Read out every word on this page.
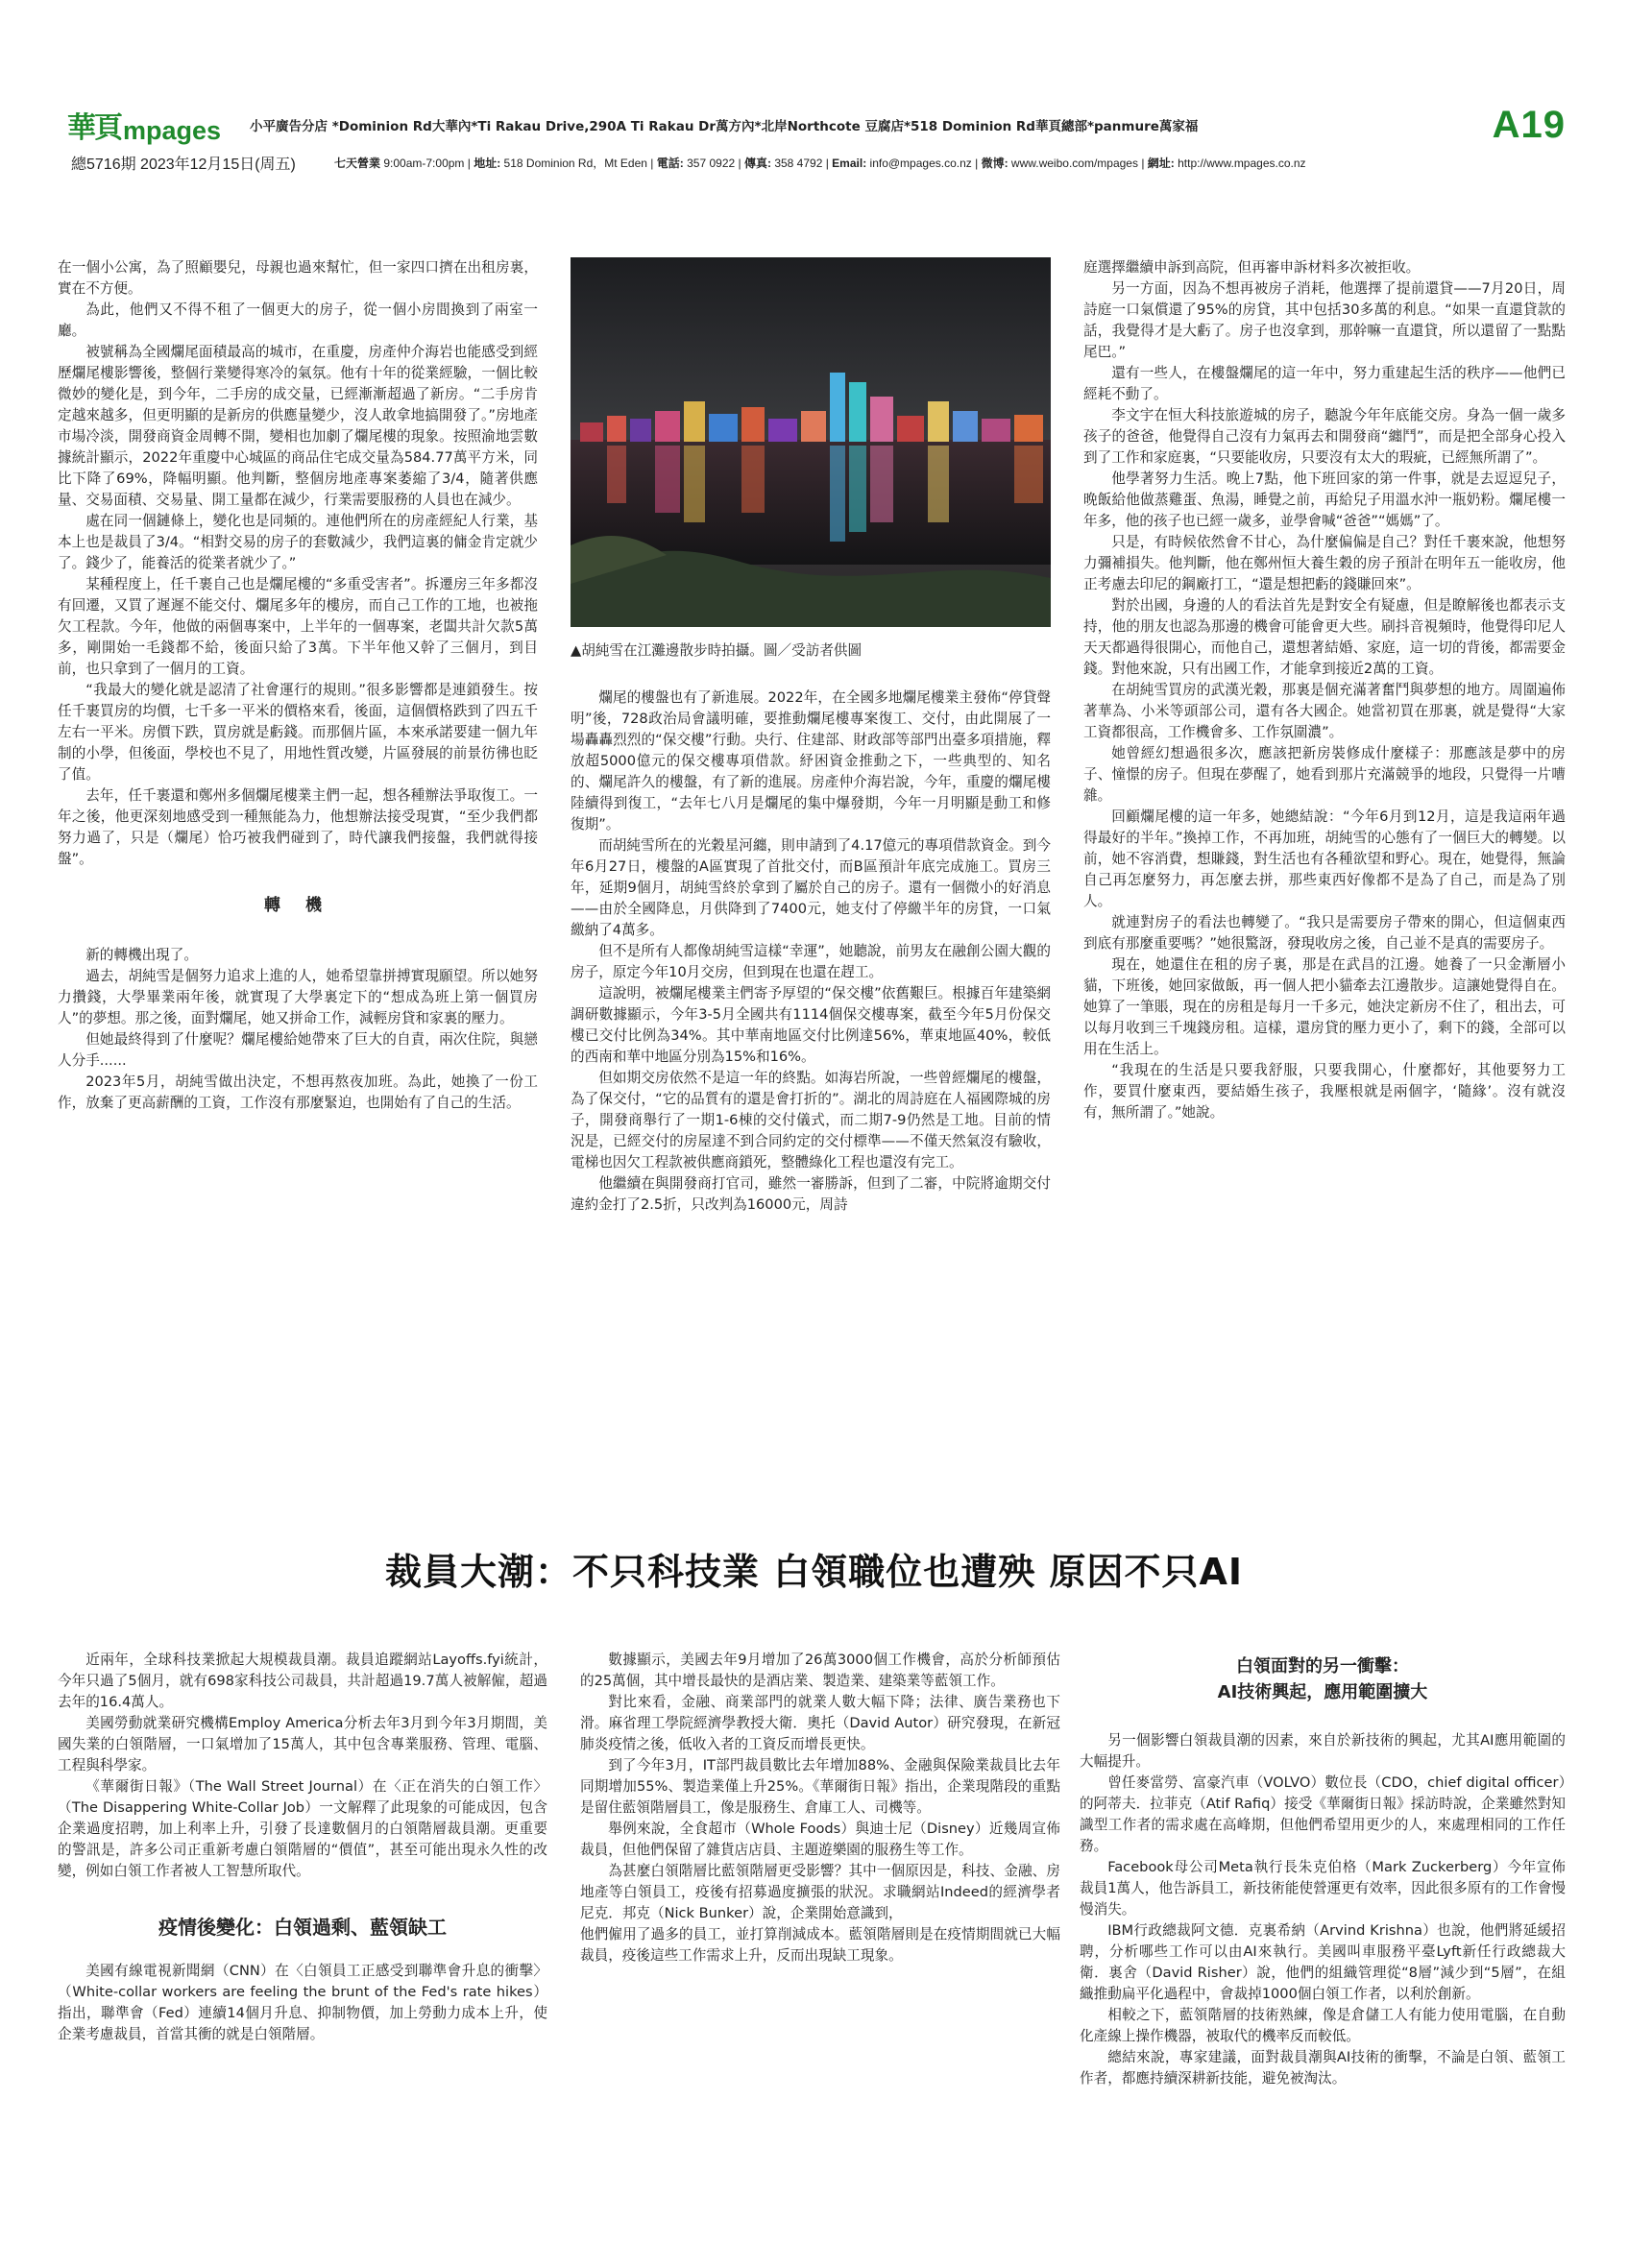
華頁 mpages 小平廣告分店 *Dominion Rd大華內*Ti Rakau Drive,290A Ti Rakau Dr萬方內*北岸Northcote 豆腐店*518 Dominion Rd華頁總部*panmure萬家福	A19
總5716期 2023年12月15日(周五)	七天營業 9:00am-7:00pm | 地址: 518 Dominion Rd，Mt Eden | 電話: 357 0922 | 傳真: 358 4792 | Email: info@mpages.co.nz | 微博: www.weibo.com/mpages | 網址: http://www.mpages.co.nz

在一個小公寓，為了照顧嬰兒，母親也過來幫忙，但一家四口擠在出租房裏，實在不方便。

為此，他們又不得不租了一個更大的房子，從一個小房間換到了兩室一廳。

被號稱為全國爛尾面積最高的城市，在重慶，房產仲介海岩也能感受到經歷爛尾樓影響後，整個行業變得寒冷的氣氛。他有十年的從業經驗，一個比較微妙的變化是，到今年，二手房的成交量，已經漸漸超過了新房。“二手房肯定越來越多，但更明顯的是新房的供應量變少，沒人敢拿地搞開發了。”房地產市場冷淡，開發商資金周轉不開，變相也加劇了爛尾樓的現象。按照渝地雲數據統計顯示，2022年重慶中心城區的商品住宅成交量為584.77萬平方米，同比下降了69%，降幅明顯。他判斷，整個房地產專案萎縮了3/4，隨著供應量、交易面積、交易量、開工量都在減少，行業需要服務的人員也在減少。

處在同一個鏈條上，變化也是同頻的。連他們所在的房產經紀人行業，基本上也是裁員了3/4。“相對交易的房子的套數減少，我們這裏的傭金肯定就少了。錢少了，能養活的從業者就少了。”

某種程度上，任千裹自己也是爛尾樓的“多重受害者”。拆遷房三年多都沒有回遷，又買了遲遲不能交付、爛尾多年的樓房，而自己工作的工地，也被拖欠工程款。今年，他做的兩個專案中，上半年的一個專案，老闆共計欠款5萬多，剛開始一毛錢都不給，後面只給了3萬。下半年他又幹了三個月，到目前，也只拿到了一個月的工資。

“我最大的變化就是認清了社會運行的規則。”很多影響都是連鎖發生。按任千裹買房的均價，七千多一平米的價格來看，後面，這個價格跌到了四五千左右一平米。房價下跌，買房就是虧錢。而那個片區，本來承諾要建一個九年制的小學，但後面，學校也不見了，用地性質改變，片區發展的前景彷彿也眨了值。

去年，任千裹還和鄭州多個爛尾樓業主們一起，想各種辦法爭取復工。一年之後，他更深刻地感受到一種無能為力，他想辦法接受現實，“至少我們都努力過了，只是（爛尾）恰巧被我們碰到了，時代讓我們接盤，我們就得接盤”。

轉 機

新的轉機出現了。

過去，胡純雪是個努力追求上進的人，她希望靠拼搏實現願望。所以她努力攢錢，大學畢業兩年後，就實現了大學裏定下的“想成為班上第一個買房人”的夢想。那之後，面對爛尾，她又拼命工作，減輕房貸和家裏的壓力。

但她最終得到了什麼呢？爛尾樓給她帶來了巨大的自責，兩次住院，與戀人分手......

2023年5月，胡純雪做出決定，不想再熬夜加班。為此，她換了一份工作，放棄了更高薪酬的工資，工作沒有那麼緊迫，也開始有了自己的生活。

▲胡純雪在江灘邊散步時拍攝。圖／受訪者供圖

爛尾的樓盤也有了新進展。2022年，在全國多地爛尾樓業主發佈“停貸聲明”後，728政治局會議明確，要推動爛尾樓專案復工、交付，由此開展了一場轟轟烈烈的“保交樓”行動。央行、住建部、財政部等部門出臺多項措施，釋放超5000億元的保交樓專項借款。紓困資金推動之下，一些典型的、知名的、爛尾許久的樓盤，有了新的進展。房產仲介海岩說，今年，重慶的爛尾樓陸續得到復工，“去年七八月是爛尾的集中爆發期，今年一月明顯是動工和修復期”。

而胡純雪所在的光穀星河纏，則申請到了4.17億元的專項借款資金。到今年6月27日，樓盤的A區實現了首批交付，而B區預計年底完成施工。買房三年，延期9個月，胡純雪終於拿到了屬於自己的房子。還有一個微小的好消息——由於全國降息，月供降到了7400元，她支付了停繳半年的房貸，一口氣繳納了4萬多。

但不是所有人都像胡純雪這樣“幸運”，她聽說，前男友在融創公園大觀的房子，原定今年10月交房，但到現在也還在趕工。

這說明，被爛尾樓業主們寄予厚望的“保交樓”依舊艱巨。根據百年建築網調研數據顯示，今年3-5月全國共有1114個保交樓專案，截至今年5月份保交樓已交付比例為34%。其中華南地區交付比例達56%，華東地區40%，較低的西南和華中地區分別為15%和16%。

但如期交房依然不是這一年的終點。如海岩所說，一些曾經爛尾的樓盤，為了保交付，“它的品質有的還是會打折的”。湖北的周詩庭在人福國際城的房子，開發商舉行了一期1-6棟的交付儀式，而二期7-9仍然是工地。目前的情況是，已經交付的房屋達不到合同約定的交付標準——不僅天然氣沒有驗收，電梯也因欠工程款被供應商鎖死，整體綠化工程也還沒有完工。

他繼續在與開發商打官司，雖然一審勝訴，但到了二審，中院將逾期交付違約金打了2.5折，只改判為16000元，周詩

庭選擇繼續申訴到高院，但再審申訴材料多次被拒收。

另一方面，因為不想再被房子消耗，他選擇了提前還貸——7月20日，周詩庭一口氣償還了95%的房貸，其中包括30多萬的利息。“如果一直還貸款的話，我覺得才是大虧了。房子也沒拿到，那幹嘛一直還貸，所以還留了一點點尾巴。”

還有一些人，在樓盤爛尾的這一年中，努力重建起生活的秩序——他們已經耗不動了。

李文宇在恒大科技旅遊城的房子，聽說今年年底能交房。身為一個一歲多孩子的爸爸，他覺得自己沒有力氣再去和開發商“纏鬥”，而是把全部身心投入到了工作和家庭裏，“只要能收房，只要沒有太大的瑕疵，已經無所謂了”。

他學著努力生活。晚上7點，他下班回家的第一件事，就是去逗逗兒子，晚飯給他做蒸雞蛋、魚湯，睡覺之前，再給兒子用溫水沖一瓶奶粉。爛尾樓一年多，他的孩子也已經一歲多，並學會喊“爸爸”“媽媽”了。

只是，有時候依然會不甘心，為什麼偏偏是自己？對任千裹來說，他想努力彌補損失。他判斷，他在鄭州恒大養生穀的房子預計在明年五一能收房，他正考慮去印尼的鋼廠打工，“還是想把虧的錢賺回來”。

對於出國，身邊的人的看法首先是對安全有疑慮，但是瞭解後也都表示支持，他的朋友也認為那邊的機會可能會更大些。刷抖音視頻時，他覺得印尼人天天都過得很開心，而他自己，還想著結婚、家庭，這一切的背後，都需要金錢。對他來說，只有出國工作，才能拿到接近2萬的工資。

在胡純雪買房的武漢光穀，那裏是個充滿著奮鬥與夢想的地方。周圍遍佈著華為、小米等頭部公司，還有各大國企。她當初買在那裏，就是覺得“大家工資都很高，工作機會多、工作氛圍濃”。

她曾經幻想過很多次，應該把新房裝修成什麼樣子：那應該是夢中的房子、憧憬的房子。但現在夢醒了，她看到那片充滿競爭的地段，只覺得一片嘈雜。

回顧爛尾樓的這一年多，她總結說：“今年6月到12月，這是我這兩年過得最好的半年。”換掉工作，不再加班，胡純雪的心態有了一個巨大的轉變。以前，她不容消費，想賺錢，對生活也有各種欲望和野心。現在，她覺得，無論自己再怎麼努力，再怎麼去拼，那些東西好像都不是為了自己，而是為了別人。

就連對房子的看法也轉變了。“我只是需要房子帶來的開心，但這個東西到底有那麼重要嗎？”她很驚訝，發現收房之後，自己並不是真的需要房子。

現在，她還住在租的房子裏，那是在武昌的江邊。她養了一只金漸層小貓，下班後，她回家做飯，再一個人把小貓牽去江邊散步。這讓她覺得自在。她算了一筆賬，現在的房租是每月一千多元，她決定新房不住了，租出去，可以每月收到三千塊錢房租。這樣，還房貸的壓力更小了，剩下的錢，全部可以用在生活上。

“我現在的生活是只要我舒服，只要我開心，什麼都好，其他要努力工作，要買什麼東西，要結婚生孩子，我壓根就是兩個字，‘隨緣’。沒有就沒有，無所謂了。”她說。

裁員大潮：不只科技業 白領職位也遭殃 原因不只AI

近兩年，全球科技業掀起大規模裁員潮。裁員追蹤網站Layoffs.fyi統計，今年只過了5個月，就有698家科技公司裁員，共計超過19.7萬人被解僱，超過去年的16.4萬人。

美國勞動就業研究機構Employ America分析去年3月到今年3月期間，美國失業的白領階層，一口氣增加了15萬人，其中包含專業服務、管理、電腦、工程與科學家。

《華爾街日報》（The Wall Street Journal）在〈正在消失的白領工作〉（The Disappering White-Collar Job）一文解釋了此現象的可能成因，包含企業過度招聘，加上利率上升，引發了長達數個月的白領階層裁員潮。更重要的警訊是，許多公司正重新考慮白領階層的“價值”，甚至可能出現永久性的改變，例如白領工作者被人工智慧所取代。

疫情後變化：白領過剩、藍領缺工

美國有線電視新聞網（CNN）在〈白領員工正感受到聯準會升息的衝擊〉（White-collar workers are feeling the brunt of the Fed's rate hikes）指出，聯準會（Fed）連續14個月升息、抑制物價，加上勞動力成本上升，使企業考慮裁員，首當其衝的就是白領階層。

數據顯示，美國去年9月增加了26萬3000個工作機會，高於分析師預估的25萬個，其中增長最快的是酒店業、製造業、建築業等藍領工作。

對比來看，金融、商業部門的就業人數大幅下降；法律、廣告業務也下滑。麻省理工學院經濟學教授大衛．奧托（David Autor）研究發現，在新冠肺炎疫情之後，低收入者的工資反而增長更快。

到了今年3月，IT部門裁員數比去年增加88%、金融與保險業裁員比去年同期增加55%、製造業僅上升25%。《華爾街日報》指出，企業現階段的重點是留住藍領階層員工，像是服務生、倉庫工人、司機等。

舉例來說，全食超市（Whole Foods）與迪士尼（Disney）近幾周宣佈裁員，但他們保留了雜貨店店員、主題遊樂園的服務生等工作。

為甚麼白領階層比藍領階層更受影響？其中一個原因是，科技、金融、房地產等白領員工，疫後有招募過度擴張的狀況。求職網站Indeed的經濟學者尼克．邦克（Nick Bunker）說，企業開始意識到，

他們僱用了過多的員工，並打算削減成本。藍領階層則是在疫情期間就已大幅裁員，疫後這些工作需求上升，反而出現缺工現象。

白領面對的另一衝擊：
AI技術興起，應用範圍擴大

另一個影響白領裁員潮的因素，來自於新技術的興起，尤其AI應用範圍的大幅提升。

曾任麥當勞、富豪汽車（VOLVO）數位長（CDO，chief digital officer）的阿蒂夫．拉菲克（Atif Rafiq）接受《華爾街日報》採訪時說，企業雖然對知識型工作者的需求處在高峰期，但他們希望用更少的人，來處理相同的工作任務。

Facebook母公司Meta執行長朱克伯格（Mark Zuckerberg）今年宣佈裁員1萬人，他告訴員工，新技術能使營運更有效率，因此很多原有的工作會慢慢消失。

IBM行政總裁阿文德．克裏希納（Arvind Krishna）也說，他們將延緩招聘，分析哪些工作可以由AI來執行。美國叫車服務平臺Lyft新任行政總裁大衛．裏舍（David Risher）說，他們的組織管理從“8層”減少到“5層”，在組織推動扁平化過程中，會裁掉1000個白領工作者，以利於創新。

相較之下，藍領階層的技術熟練，像是倉儲工人有能力使用電腦，在自動化產線上操作機器，被取代的機率反而較低。

總結來說，專家建議，面對裁員潮與AI技術的衝擊，不論是白領、藍領工作者，都應持續深耕新技能，避免被淘汰。
